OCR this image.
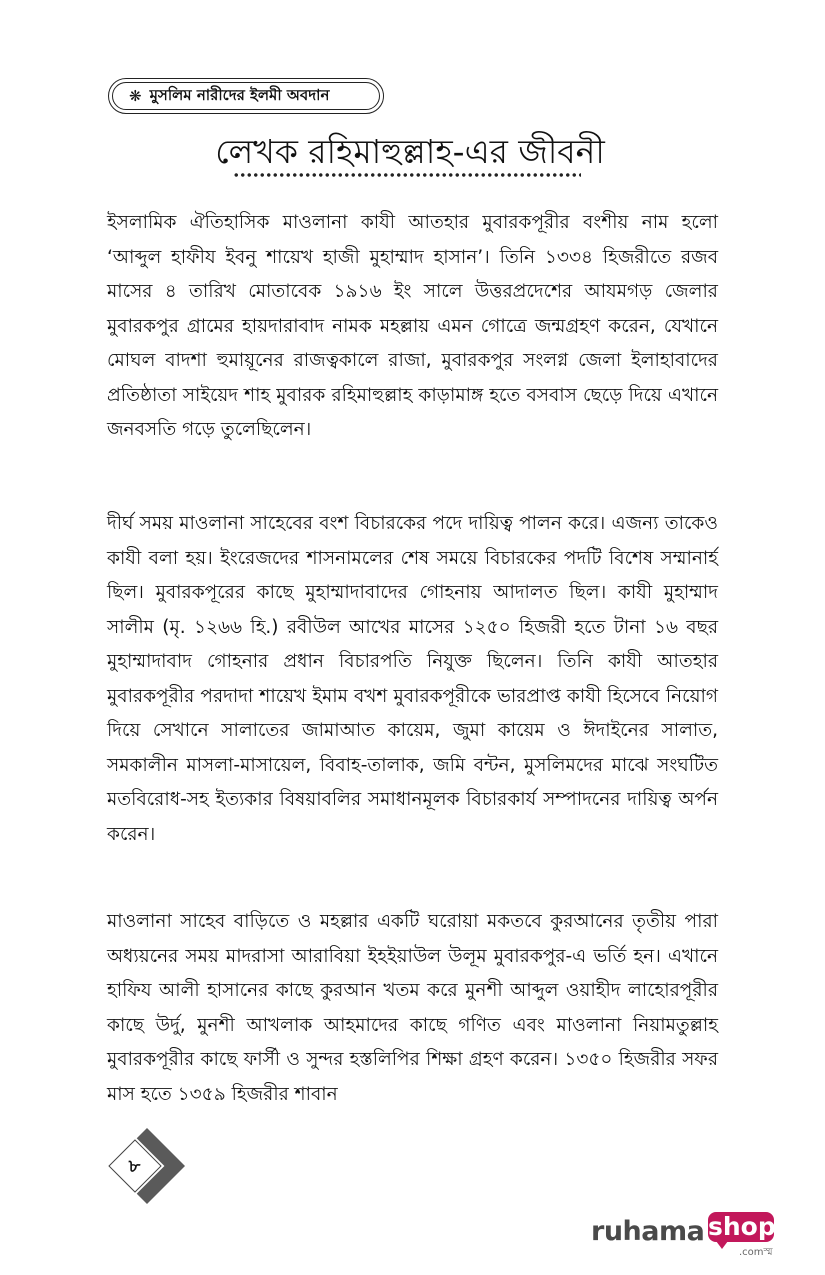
❋ মুসলিম নারীদের ইলমী অবদান
লেখক রহিমাহুল্লাহ-এর জীবনী

ইসলামিক ঐতিহাসিক মাওলানা কাযী আতহার মুবারকপূরীর বংশীয় নাম হলো ‘আব্দুল হাফীয ইবনু শায়েখ হাজী মুহাম্মাদ হাসান’। তিনি ১৩৩৪ হিজরীতে রজব মাসের ৪ তারিখ মোতাবেক ১৯১৬ ইং সালে উত্তরপ্রদেশের আযমগড় জেলার মুবারকপুর গ্রামের হায়দারাবাদ নামক মহল্লায় এমন গোত্রে জন্মগ্রহণ করেন, যেখানে মোঘল বাদশা হুমায়ূনের রাজত্বকালে রাজা, মুবারকপুর সংলগ্ন জেলা ইলাহাবাদের প্রতিষ্ঠাতা সাইয়েদ শাহ মুবারক রহিমাহুল্লাহ কাড়ামাঙ্গ হতে বসবাস ছেড়ে দিয়ে এখানে জনবসতি গড়ে তুলেছিলেন।

দীর্ঘ সময় মাওলানা সাহেবের বংশ বিচারকের পদে দায়িত্ব পালন করে। এজন্য তাকেও কাযী বলা হয়। ইংরেজদের শাসনামলের শেষ সময়ে বিচারকের পদটি বিশেষ সম্মানার্হ ছিল। মুবারকপূরের কাছে মুহাম্মাদাবাদের গোহনায় আদালত ছিল। কাযী মুহাম্মাদ সালীম (মৃ. ১২৬৬ হি.) রবীউল আখের মাসের ১২৫০ হিজরী হতে টানা ১৬ বছর মুহাম্মাদাবাদ গোহনার প্রধান বিচারপতি নিযুক্ত ছিলেন। তিনি কাযী আতহার মুবারকপূরীর পরদাদা শায়েখ ইমাম বখশ মুবারকপূরীকে ভারপ্রাপ্ত কাযী হিসেবে নিয়োগ দিয়ে সেখানে সালাতের জামাআত কায়েম, জুমা কায়েম ও ঈদাইনের সালাত, সমকালীন মাসলা-মাসায়েল, বিবাহ-তালাক, জমি বন্টন, মুসলিমদের মাঝে সংঘটিত মতবিরোধ-সহ ইত্যকার বিষয়াবলির সমাধানমূলক বিচারকার্য সম্পাদনের দায়িত্ব অর্পন করেন।

মাওলানা সাহেব বাড়িতে ও মহল্লার একটি ঘরোয়া মকতবে কুরআনের তৃতীয় পারা অধ্যয়নের সময় মাদরাসা আরাবিয়া ইহইয়াউল উলূম মুবারকপুর-এ ভর্তি হন। এখানে হাফিয আলী হাসানের কাছে কুরআন খতম করে মুনশী আব্দুল ওয়াহীদ লাহোরপূরীর কাছে উর্দু, মুনশী আখলাক আহমাদের কাছে গণিত এবং মাওলানা নিয়ামতুল্লাহ মুবারকপূরীর কাছে ফার্সী ও সুন্দর হস্তলিপির শিক্ষা গ্রহণ করেন। ১৩৫০ হিজরীর সফর মাস হতে ১৩৫৯ হিজরীর শাবান

৮
ruhama shop
.comস্ম
